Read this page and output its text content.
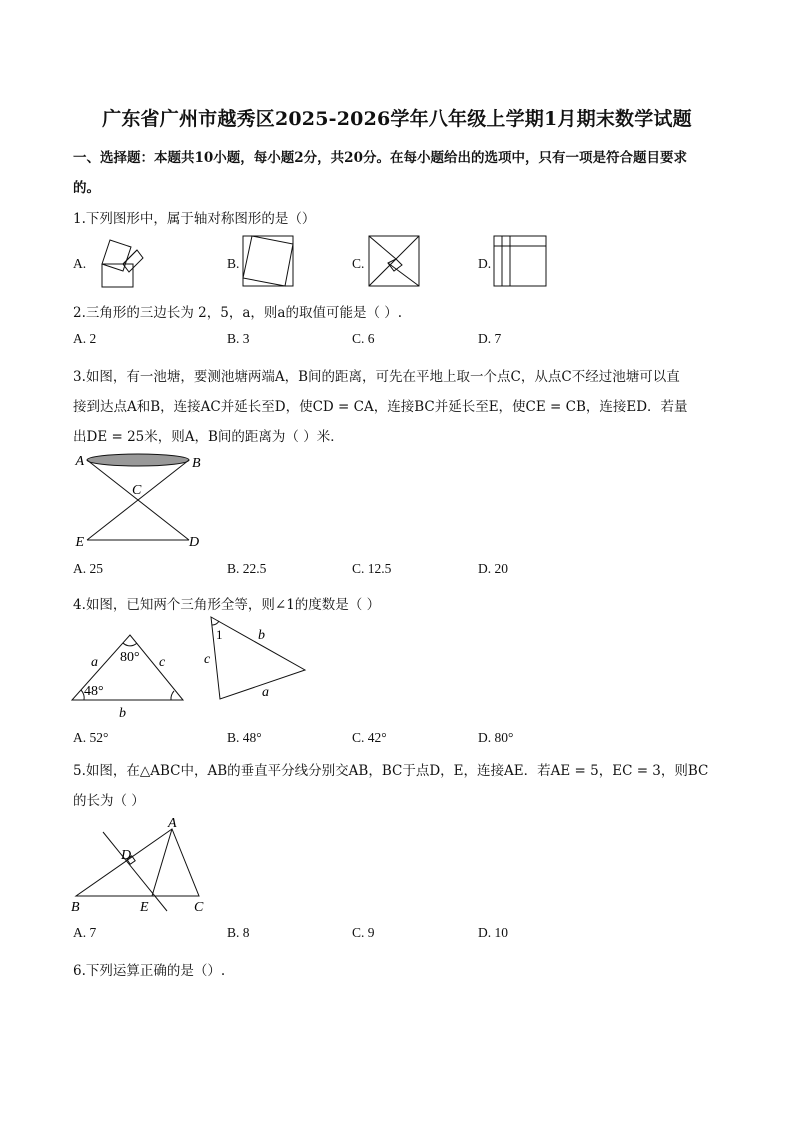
广东省广州市越秀区2025-2026学年八年级上学期1月期末数学试题
一、选择题：本题共10小题，每小题2分，共20分。在每小题给出的选项中，只有一项是符合题目要求
的。
1.下列图形中，属于轴对称图形的是（）
A.	B.	C.	D.
2.三角形的三边长为 2，5，a，则a的取值可能是（ ）.
A. 2	B. 3	C. 6	D. 7
3.如图，有一池塘，要测池塘两端A，B间的距离，可先在平地上取一个点C，从点C不经过池塘可以直
接到达点A和B，连接AC并延长至D，使CD = CA，连接BC并延长至E，使CE = CB，连接ED．若量
出DE = 25米，则A，B间的距离为（ ）米．
A	B
C
E	D
A. 25	B. 22.5	C. 12.5	D. 20
4.如图，已知两个三角形全等，则∠1的度数是（ ）
80°
48°
a	c
b
1	b
c
a
A. 52°	B. 48°	C. 42°	D. 80°
5.如图，在△ABC中，AB的垂直平分线分别交AB，BC于点D，E，连接AE．若AE = 5，EC = 3，则BC
的长为（ ）
A
D
B	E	C
A. 7	B. 8	C. 9	D. 10
6.下列运算正确的是（）.
